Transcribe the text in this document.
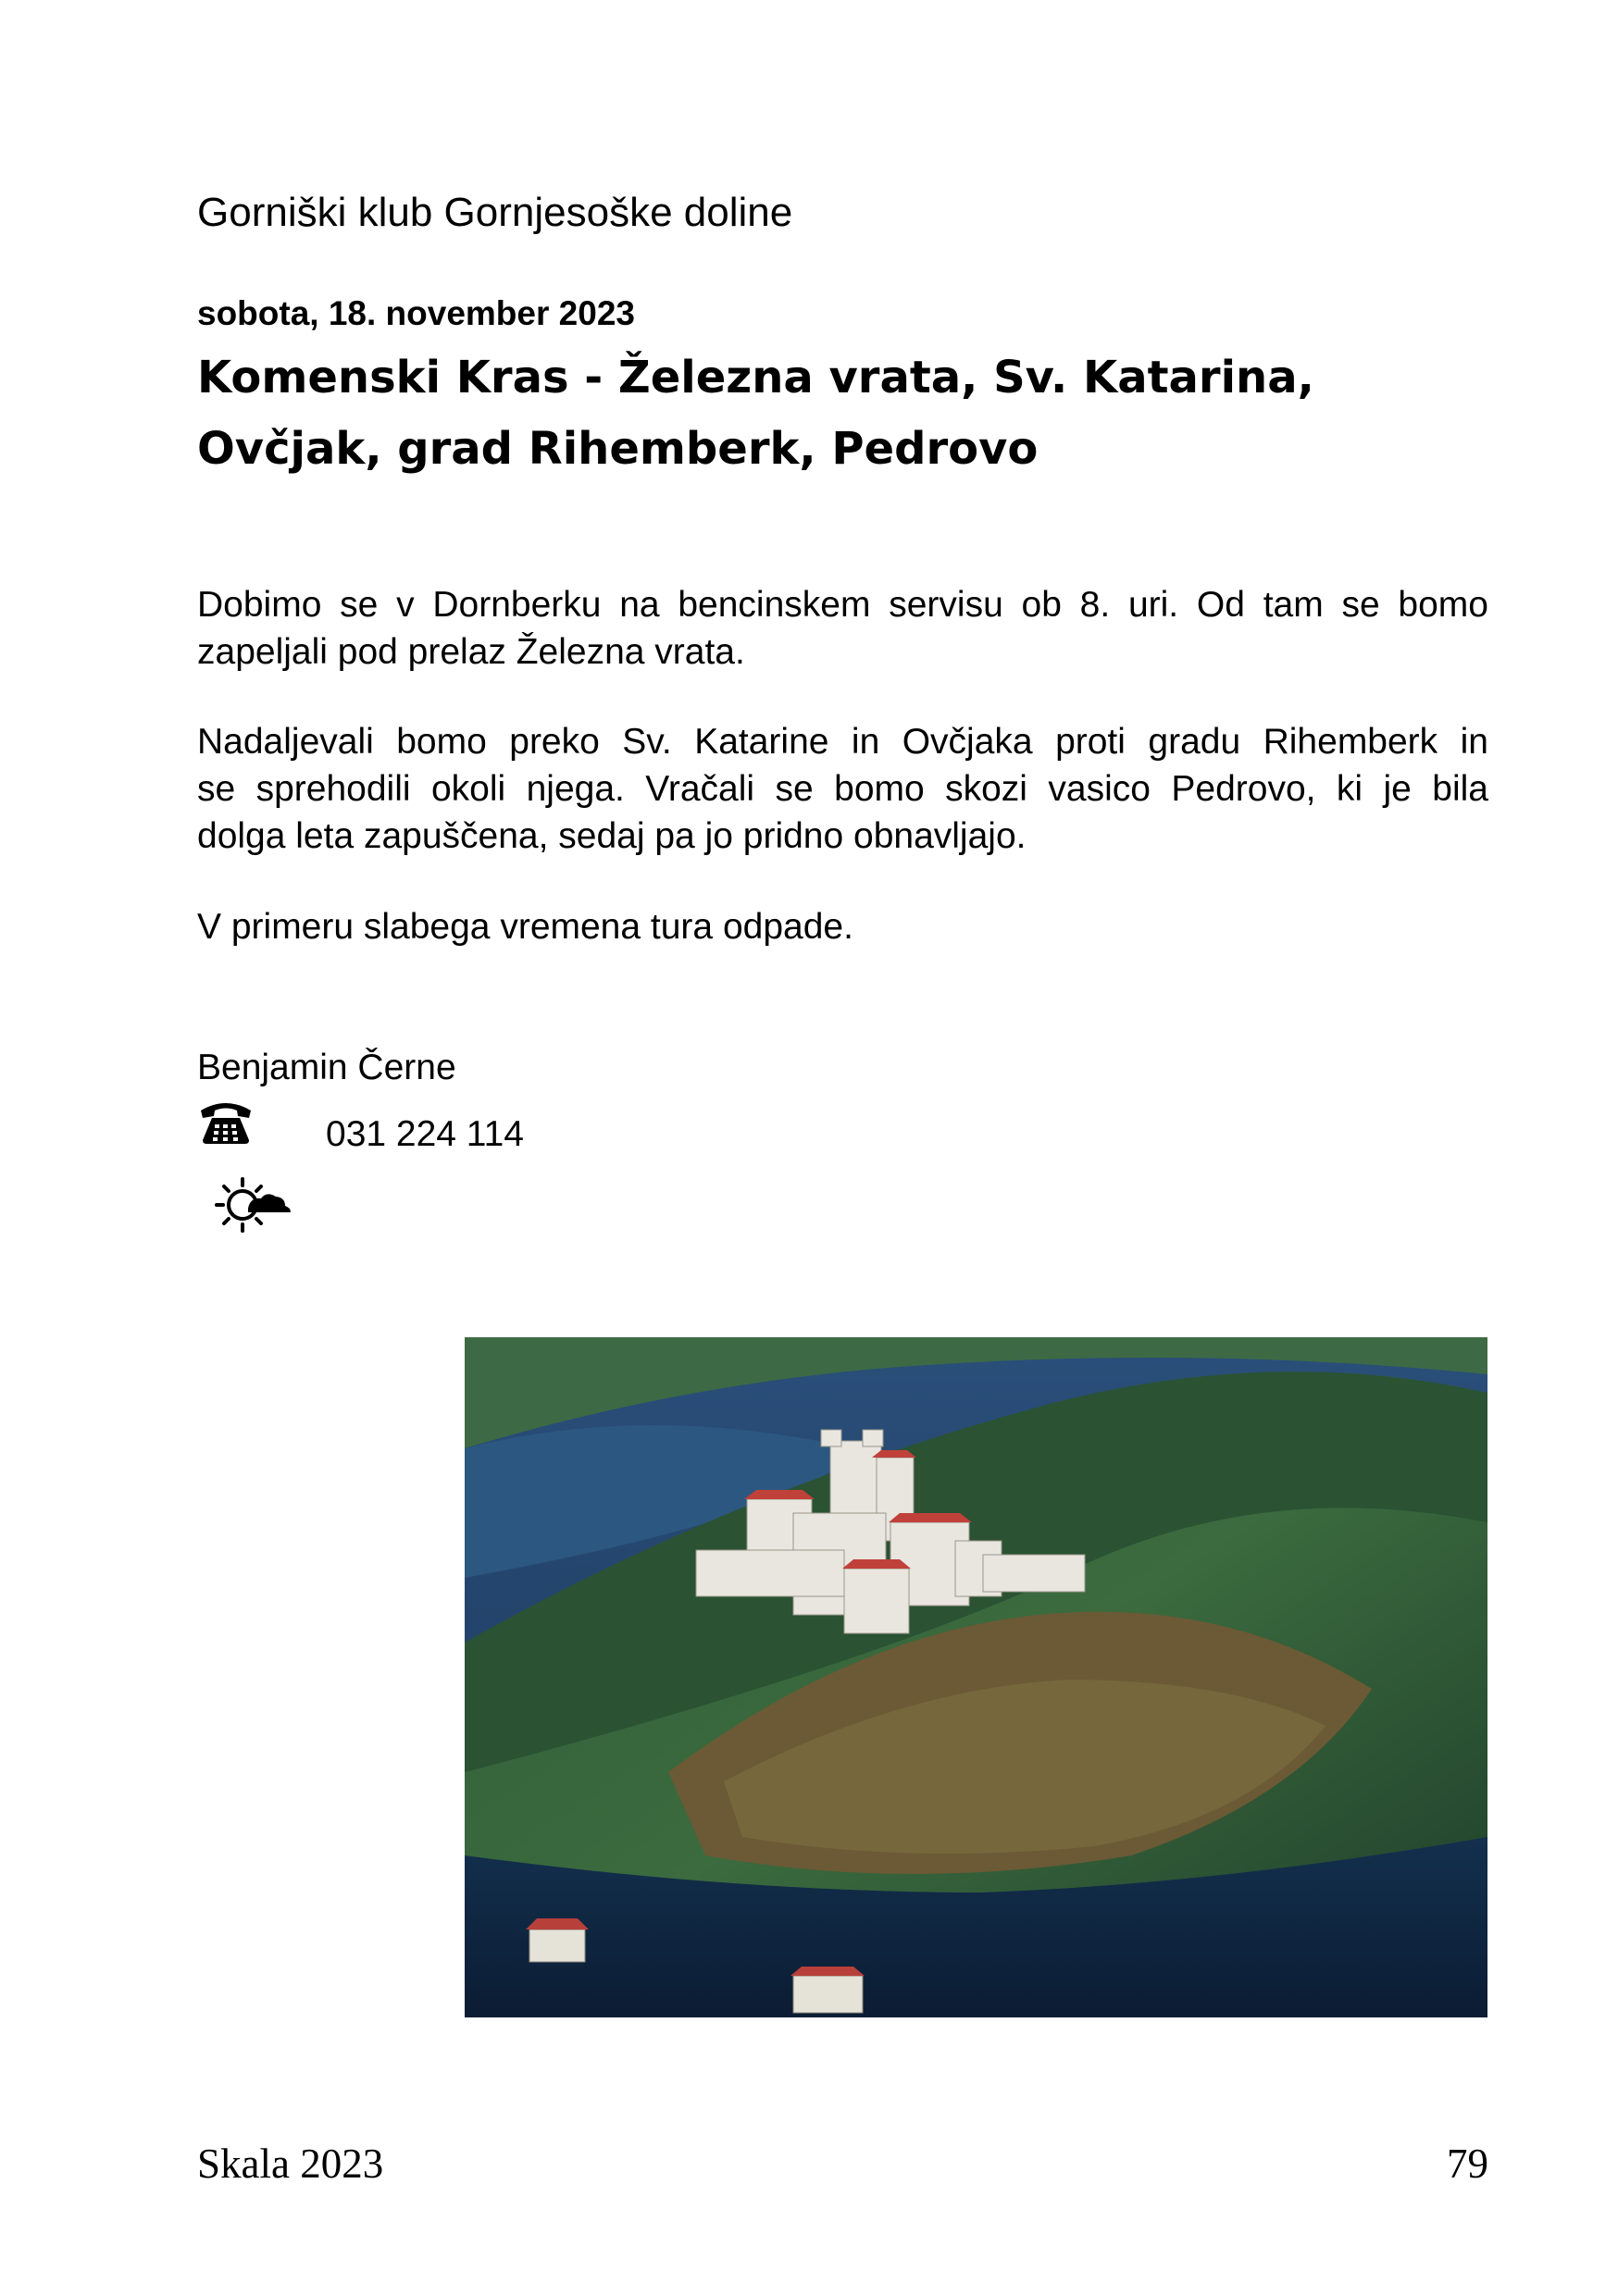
Gorniški klub Gornjesoške doline
sobota, 18. november 2023
Komenski Kras - Železna vrata, Sv. Katarina,
Ovčjak, grad Rihemberk, Pedrovo
Dobimo se v Dornberku na bencinskem servisu ob 8. uri. Od tam se bomo
zapeljali pod prelaz Železna vrata.
Nadaljevali bomo preko Sv. Katarine in Ovčjaka proti gradu Rihemberk in
se sprehodili okoli njega. Vračali se bomo skozi vasico Pedrovo, ki je bila
dolga leta zapuščena, sedaj pa jo pridno obnavljajo.
V primeru slabega vremena tura odpade.
Benjamin Černe
031 224 114
Skala 2023	79
